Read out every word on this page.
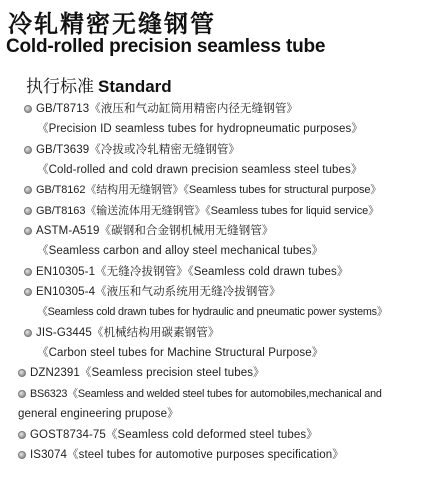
冷轧精密无缝钢管
Cold-rolled precision seamless tube
执行标准 Standard
GB/T8713《液压和气动缸筒用精密内径无缝钢管》
《Precision ID seamless tubes for hydropneumatic purposes》
GB/T3639《冷拔或冷轧精密无缝钢管》
《Cold-rolled and cold drawn precision seamless steel tubes》
GB/T8162《结构用无缝钢管》《Seamless tubes for structural purpose》
GB/T8163《输送流体用无缝钢管》《Seamless tubes for liquid service》
ASTM-A519《碳钢和合金钢机械用无缝钢管》
《Seamless carbon and alloy steel mechanical tubes》
EN10305-1《无缝冷拔钢管》《Seamless cold drawn tubes》
EN10305-4《液压和气动系统用无缝冷拔钢管》
《Seamless cold drawn tubes for hydraulic and pneumatic power systems》
JIS-G3445《机械结构用碳素钢管》
《Carbon steel tubes for Machine Structural Purpose》
DZN2391《Seamless precision steel tubes》
BS6323《Seamless and welded steel tubes for automobiles,mechanical and
general engineering prupose》
GOST8734-75《Seamless cold deformed steel tubes》
IS3074《steel tubes for automotive purposes specification》
